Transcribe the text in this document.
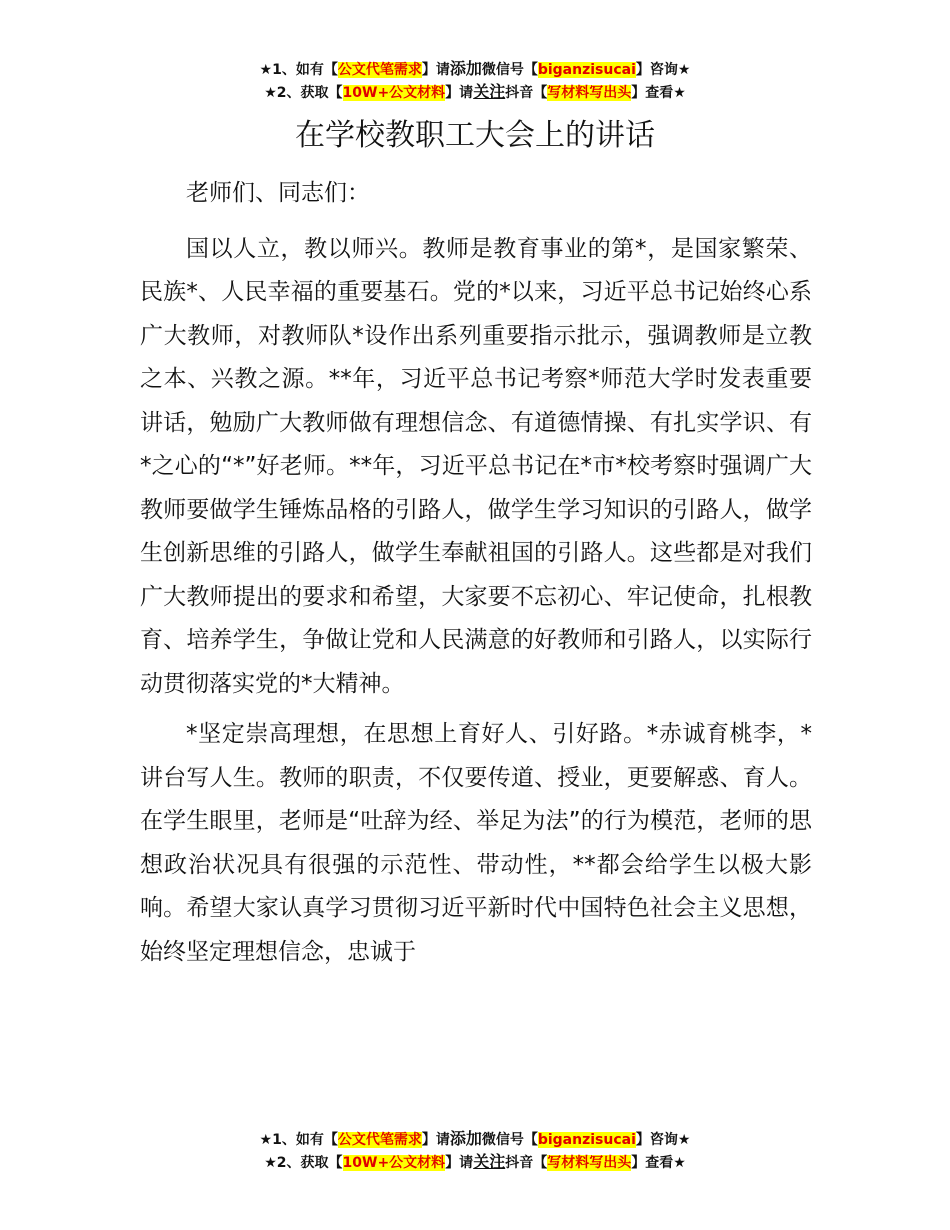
★1、如有【公文代笔需求】请添加微信号【biganzisucai】咨询★
★2、获取【10W+公文材料】请关注抖音【写材料写出头】查看★
在学校教职工大会上的讲话

老师们、同志们：

国以人立，教以师兴。教师是教育事业的第*，是国家繁荣、民族*、人民幸福的重要基石。党的*以来，习近平总书记始终心系广大教师，对教师队*设作出系列重要指示批示，强调教师是立教之本、兴教之源。**年，习近平总书记考察*师范大学时发表重要讲话，勉励广大教师做有理想信念、有道德情操、有扎实学识、有*之心的“*”好老师。**年，习近平总书记在*市*校考察时强调广大教师要做学生锤炼品格的引路人，做学生学习知识的引路人，做学生创新思维的引路人，做学生奉献祖国的引路人。这些都是对我们广大教师提出的要求和希望，大家要不忘初心、牢记使命，扎根教育、培养学生，争做让党和人民满意的好教师和引路人，以实际行动贯彻落实党的*大精神。

*坚定崇高理想，在思想上育好人、引好路。*赤诚育桃李，*讲台写人生。教师的职责，不仅要传道、授业，更要解惑、育人。在学生眼里，老师是“吐辞为经、举足为法”的行为模范，老师的思想政治状况具有很强的示范性、带动性，**都会给学生以极大影响。希望大家认真学习贯彻习近平新时代中国特色社会主义思想，始终坚定理想信念，忠诚于

★1、如有【公文代笔需求】请添加微信号【biganzisucai】咨询★
★2、获取【10W+公文材料】请关注抖音【写材料写出头】查看★
